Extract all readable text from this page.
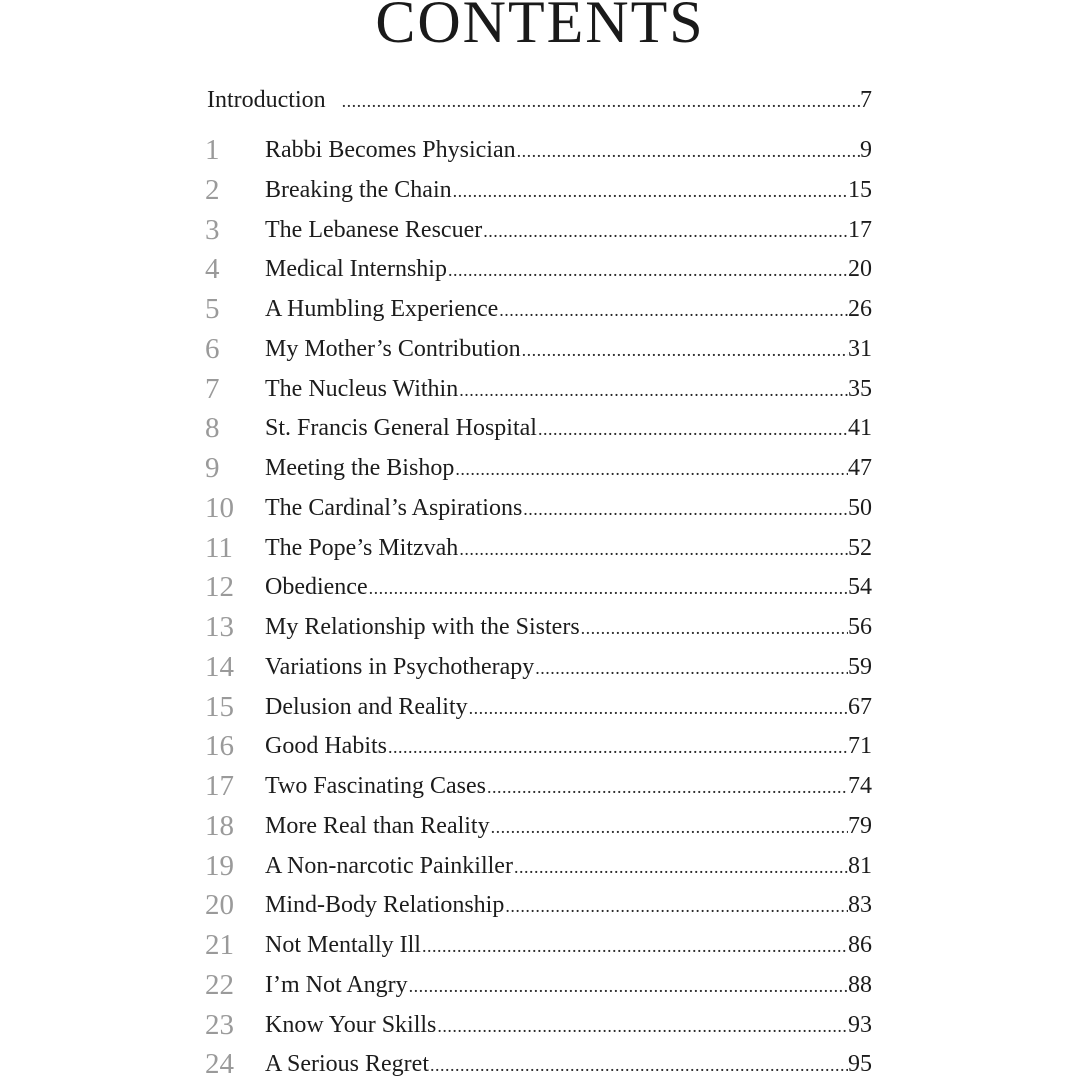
CONTENTS
Introduction .....	7
1 Rabbi Becomes Physician .....	9
2 Breaking the Chain .....	15
3 The Lebanese Rescuer .....	17
4 Medical Internship .....	20
5 A Humbling Experience .....	26
6 My Mother’s Contribution .....	31
7 The Nucleus Within .....	35
8 St. Francis General Hospital .....	41
9 Meeting the Bishop .....	47
10 The Cardinal’s Aspirations .....	50
11 The Pope’s Mitzvah .....	52
12 Obedience .....	54
13 My Relationship with the Sisters .....	56
14 Variations in Psychotherapy .....	59
15 Delusion and Reality .....	67
16 Good Habits .....	71
17 Two Fascinating Cases .....	74
18 More Real than Reality .....	79
19 A Non-narcotic Painkiller .....	81
20 Mind-Body Relationship .....	83
21 Not Mentally Ill .....	86
22 I’m Not Angry .....	88
23 Know Your Skills .....	93
24 A Serious Regret .....	95
